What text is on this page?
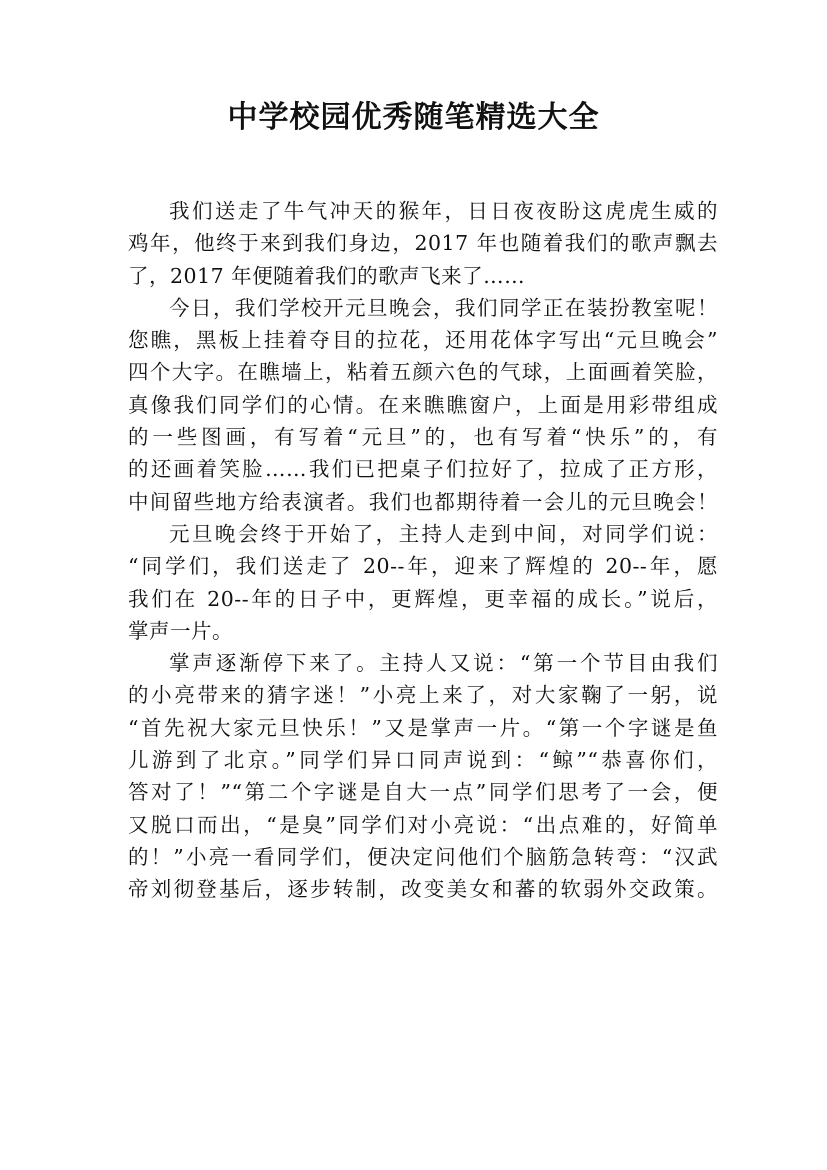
中学校园优秀随笔精选大全
我们送走了牛气冲天的猴年，日日夜夜盼这虎虎生威的
鸡年，他终于来到我们身边，2017 年也随着我们的歌声飘去
了，2017 年便随着我们的歌声飞来了……
今日，我们学校开元旦晚会，我们同学正在装扮教室呢！
您瞧，黑板上挂着夺目的拉花，还用花体字写出“元旦晚会”
四个大字。在瞧墙上，粘着五颜六色的气球，上面画着笑脸，
真像我们同学们的心情。在来瞧瞧窗户，上面是用彩带组成
的一些图画，有写着“元旦”的，也有写着“快乐”的，有
的还画着笑脸……我们已把桌子们拉好了，拉成了正方形，
中间留些地方给表演者。我们也都期待着一会儿的元旦晚会！
元旦晚会终于开始了，主持人走到中间，对同学们说：
“同学们，我们送走了 20--年，迎来了辉煌的 20--年，愿
我们在 20--年的日子中，更辉煌，更幸福的成长。”说后，
掌声一片。
掌声逐渐停下来了。主持人又说：“第一个节目由我们
的小亮带来的猜字迷！”小亮上来了，对大家鞠了一躬，说
“首先祝大家元旦快乐！”又是掌声一片。“第一个字谜是鱼
儿游到了北京。”同学们异口同声说到：“鲸”“恭喜你们，
答对了！”“第二个字谜是自大一点”同学们思考了一会，便
又脱口而出，“是臭”同学们对小亮说：“出点难的，好简单
的！”小亮一看同学们，便决定问他们个脑筋急转弯：“汉武
帝刘彻登基后，逐步转制，改变美女和蕃的软弱外交政策。
